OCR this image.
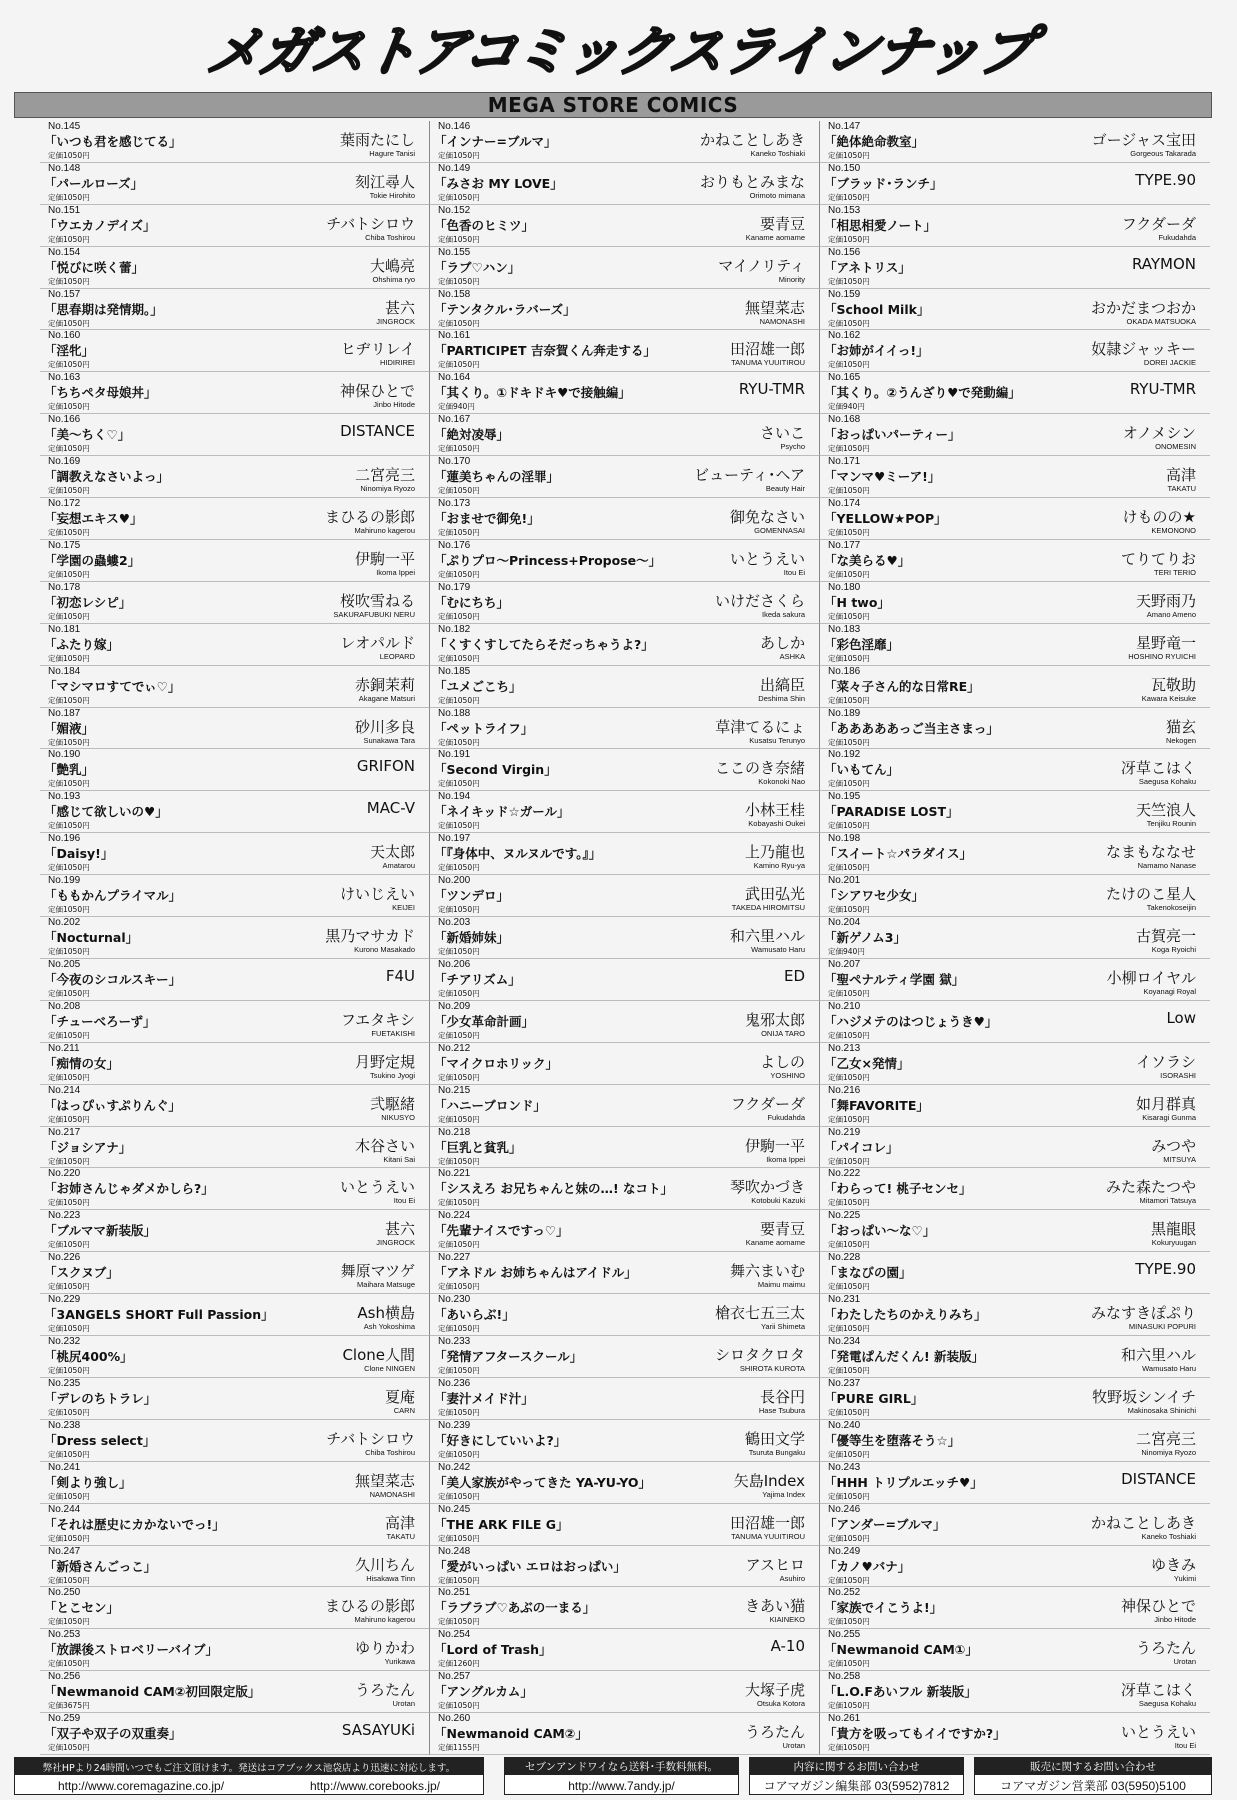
メガストアコミックスラインナップ
MEGA STORE COMICS
No.145
「いつも君を感じてる」
定価1050円
葉雨たにし
Hagure Tanisi
No.148
「パールローズ」
定価1050円
刻江尋人
Tokie Hirohito
No.151
「ウエカノデイズ」
定価1050円
チバトシロウ
Chiba Toshirou
No.154
「悦びに咲く蕾」
定価1050円
大嶋亮
Ohshima ryo
No.157
「思春期は発情期。」
定価1050円
甚六
JINGROCK
No.160
「淫牝」
定価1050円
ヒヂリレイ
HIDIRIREI
No.163
「ちちペタ母娘丼」
定価1050円
神保ひとで
Jinbo Hitode
No.166
「美～ちく♡」
定価1050円
DISTANCE
No.169
「調教えなさいよっ」
定価1050円
二宮亮三
Ninomiya Ryozo
No.172
「妄想エキス♥」
定価1050円
まひるの影郎
Mahiruno kagerou
No.175
「学園の蟲螻2」
定価1050円
伊駒一平
Ikoma Ippei
No.178
「初恋レシピ」
定価1050円
桜吹雪ねる
SAKURAFUBUKI NERU
No.181
「ふたり嫁」
定価1050円
レオパルド
LEOPARD
No.184
「マシマロすてでぃ♡」
定価1050円
赤銅茉莉
Akagane Matsuri
No.187
「媚液」
定価1050円
砂川多良
Sunakawa Tara
No.190
「艶乳」
定価1050円
GRIFON
No.193
「感じて欲しいの♥」
定価1050円
MAC-V
No.196
「Daisy!」
定価1050円
天太郎
Amatarou
No.199
「ももかんプライマル」
定価1050円
けいじえい
KEIJEI
No.202
「Nocturnal」
定価1050円
黒乃マサカド
Kurono Masakado
No.205
「今夜のシコルスキー」
定価1050円
F4U
No.208
「チューべろーず」
定価1050円
フエタキシ
FUETAKISHI
No.211
「痴情の女」
定価1050円
月野定規
Tsukino Jyogi
No.214
「はっぴぃすぷりんぐ」
定価1050円
弐駆緒
NIKUSYO
No.217
「ジョシアナ」
定価1050円
木谷さい
Kitani Sai
No.220
「お姉さんじゃダメかしら?」
定価1050円
いとうえい
Itou Ei
No.223
「ブルママ新装版」
定価1050円
甚六
JINGROCK
No.226
「スクヌブ」
定価1050円
舞原マツゲ
Maihara Matsuge
No.229
「3ANGELS SHORT Full Passion」
定価1050円
Ash横島
Ash Yokoshima
No.232
「桃尻400%」
定価1050円
Clone人間
Clone NINGEN
No.235
「デレのちトラレ」
定価1050円
夏庵
CARN
No.238
「Dress select」
定価1050円
チバトシロウ
Chiba Toshirou
No.241
「剣より強し」
定価1050円
無望菜志
NAMONASHI
No.244
「それは歴史にカかないでっ!」
定価1050円
高津
TAKATU
No.247
「新婚さんごっこ」
定価1050円
久川ちん
Hisakawa Tinn
No.250
「とこセン」
定価1050円
まひるの影郎
Mahiruno kagerou
No.253
「放課後ストロベリーバイブ」
定価1050円
ゆりかわ
Yurikawa
No.256
「Newmanoid CAM②初回限定版」
定価3675円
うろたん
Urotan
No.259
「双子や双子の双重奏」
定価1050円
SASAYUKi
No.146
「インナー=ブルマ」
定価1050円
かねことしあき
Kaneko Toshiaki
No.149
「みさお MY LOVE」
定価1050円
おりもとみまな
Orimoto mimana
No.152
「色香のヒミツ」
定価1050円
要青豆
Kaname aomame
No.155
「ラブ♡ハン」
定価1050円
マイノリティ
Minority
No.158
「テンタクル･ラバーズ」
定価1050円
無望菜志
NAMONASHI
No.161
「PARTICIPET 吉奈賀くん奔走する」
定価1050円
田沼雄一郎
TANUMA YUUITIROU
No.164
「其くり。①ドキドキ♥で接触編」
定価940円
RYU-TMR
No.167
「絶対凌辱」
定価1050円
さいこ
Psycho
No.170
「蓮美ちゃんの淫罪」
定価1050円
ビューティ･ヘア
Beauty Hair
No.173
「おませで御免!」
定価1050円
御免なさい
GOMENNASAI
No.176
「ぷりプロ～Princess+Propose～」
定価1050円
いとうえい
Itou Ei
No.179
「むにちち」
定価1050円
いけださくら
Ikeda sakura
No.182
「くすくすしてたらそだっちゃうよ?」
定価1050円
あしか
ASHKA
No.185
「ユメごこち」
定価1050円
出縞臣
Deshima Shin
No.188
「ペットライフ」
定価1050円
草津てるにょ
Kusatsu Terunyo
No.191
「Second Virgin」
定価1050円
ここのき奈緒
Kokonoki Nao
No.194
「ネイキッド☆ガール」
定価1050円
小林王桂
Kobayashi Oukei
No.197
「『身体中、ヌルヌルです。』」
定価1050円
上乃龍也
Kamino Ryu-ya
No.200
「ツンデロ」
定価1050円
武田弘光
TAKEDA HIROMITSU
No.203
「新婚姉妹」
定価1050円
和六里ハル
Wamusato Haru
No.206
「チアリズム」
定価1050円
ED
No.209
「少女革命計画」
定価1050円
鬼邪太郎
ONIJA TARO
No.212
「マイクロホリック」
定価1050円
よしの
YOSHINO
No.215
「ハニーブロンド」
定価1050円
フクダーダ
Fukudahda
No.218
「巨乳と貧乳」
定価1050円
伊駒一平
Ikoma Ippei
No.221
「シスえろ お兄ちゃんと妹の…! なコト」
定価1050円
琴吹かづき
Kotobuki Kazuki
No.224
「先輩ナイスですっ♡」
定価1050円
要青豆
Kaname aomame
No.227
「アネドル お姉ちゃんはアイドル」
定価1050円
舞六まいむ
Maimu maimu
No.230
「あいらぶ!」
定価1050円
槍衣七五三太
Yarii Shimeta
No.233
「発情アフタースクール」
定価1050円
シロタクロタ
SHIROTA KUROTA
No.236
「妻汁メイド汁」
定価1050円
長谷円
Hase Tsubura
No.239
「好きにしていいよ?」
定価1050円
鶴田文学
Tsuruta Bungaku
No.242
「美人家族がやってきた YA-YU-YO」
定価1050円
矢島Index
Yajima Index
No.245
「THE ARK FILE G」
定価1050円
田沼雄一郎
TANUMA YUUITIROU
No.248
「愛がいっぱい エロはおっぱい」
定価1050円
アスヒロ
Asuhiro
No.251
「ラブラブ♡あぶの一まる」
定価1050円
きあい猫
KIAINEKO
No.254
「Lord of Trash」
定価1260円
A-10
No.257
「アングルカム」
定価1050円
大塚子虎
Otsuka Kotora
No.260
「Newmanoid CAM②」
定価1155円
うろたん
Urotan
No.147
「絶体絶命教室」
定価1050円
ゴージャス宝田
Gorgeous Takarada
No.150
「ブラッド･ランチ」
定価1050円
TYPE.90
No.153
「相思相愛ノート」
定価1050円
フクダーダ
Fukudahda
No.156
「アネトリス」
定価1050円
RAYMON
No.159
「School Milk」
定価1050円
おかだまつおか
OKADA MATSUOKA
No.162
「お姉がイイっ!」
定価1050円
奴隷ジャッキー
DOREI JACKIE
No.165
「其くり。②うんざり♥で発動編」
定価940円
RYU-TMR
No.168
「おっぱいパーティー」
定価1050円
オノメシン
ONOMESIN
No.171
「マンマ♥ミーア!」
定価1050円
高津
TAKATU
No.174
「YELLOW★POP」
定価1050円
けものの★
KEMONONO
No.177
「な美らる♥」
定価1050円
てりてりお
TERI TERIO
No.180
「H two」
定価1050円
天野雨乃
Amano Ameno
No.183
「彩色淫靡」
定価1050円
星野竜一
HOSHINO RYUICHI
No.186
「菜々子さん的な日常RE」
定価1050円
瓦敬助
Kawara Keisuke
No.189
「あああああっご当主さまっ」
定価1050円
猫玄
Nekogen
No.192
「いもてん」
定価1050円
冴草こはく
Saegusa Kohaku
No.195
「PARADISE LOST」
定価1050円
天竺浪人
Tenjiku Rounin
No.198
「スイート☆パラダイス」
定価1050円
なまもななせ
Namamo Nanase
No.201
「シアワセ少女」
定価1050円
たけのこ星人
Takenokoseijin
No.204
「新ゲノム3」
定価940円
古賀亮一
Koga Ryoichi
No.207
「聖ペナルティ学園 獄」
定価1050円
小柳ロイヤル
Koyanagi Royal
No.210
「ハジメテのはつじょうき♥」
定価1050円
Low
No.213
「乙女×発情」
定価1050円
イソラシ
ISORASHI
No.216
「舞FAVORITE」
定価1050円
如月群真
Kisaragi Gunma
No.219
「パイコレ」
定価1050円
みつや
MITSUYA
No.222
「わらって! 桃子センセ」
定価1050円
みた森たつや
Mitamori Tatsuya
No.225
「おっぱい～な♡」
定価1050円
黒龍眼
Kokuryuugan
No.228
「まなびの園」
定価1050円
TYPE.90
No.231
「わたしたちのかえりみち」
定価1050円
みなすきぽぷり
MINASUKI POPURI
No.234
「発電ぱんだくん! 新装版」
定価1050円
和六里ハル
Wamusato Haru
No.237
「PURE GIRL」
定価1050円
牧野坂シンイチ
Makinosaka Shinichi
No.240
「優等生を堕落そう☆」
定価1050円
二宮亮三
Ninomiya Ryozo
No.243
「HHH トリプルエッチ♥」
定価1050円
DISTANCE
No.246
「アンダー=ブルマ」
定価1050円
かねことしあき
Kaneko Toshiaki
No.249
「カノ♥バナ」
定価1050円
ゆきみ
Yukimi
No.252
「家族でイこうよ!」
定価1050円
神保ひとで
Jinbo Hitode
No.255
「Newmanoid CAM①」
定価1050円
うろたん
Urotan
No.258
「L.O.Fあいフル 新装版」
定価1050円
冴草こはく
Saegusa Kohaku
No.261
「貴方を吸ってもイイですか?」
定価1050円
いとうえい
Itou Ei
弊社HPより24時間いつでもご注文頂けます。発送はコアブックス池袋店より迅速に対応します。
http://www.coremagazine.co.jp/	http://www.corebooks.jp/
セブンアンドワイなら送料･手数料無料。
http://www.7andy.jp/
内容に関するお問い合わせ
コアマガジン編集部 03(5952)7812
販売に関するお問い合わせ
コアマガジン営業部 03(5950)5100
